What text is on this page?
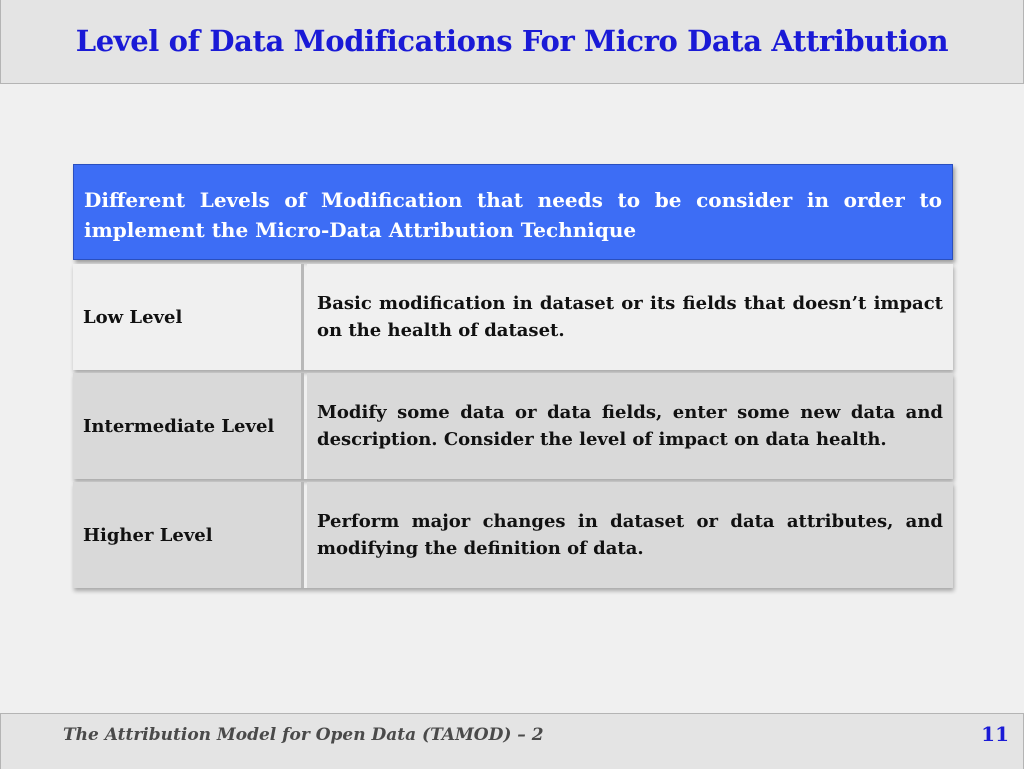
Level of Data Modifications For Micro Data Attribution
Different Levels of Modification that needs to be consider in order to implement the Micro-Data Attribution Technique
Low Level
Basic modification in dataset or its fields that doesn’t impact on the health of dataset.
Intermediate Level
Modify some data or data fields, enter some new data and description. Consider the level of impact on data health.
Higher Level
Perform major changes in dataset or data attributes, and modifying the definition of data.
The Attribution Model for Open Data (TAMOD) – 2	11
